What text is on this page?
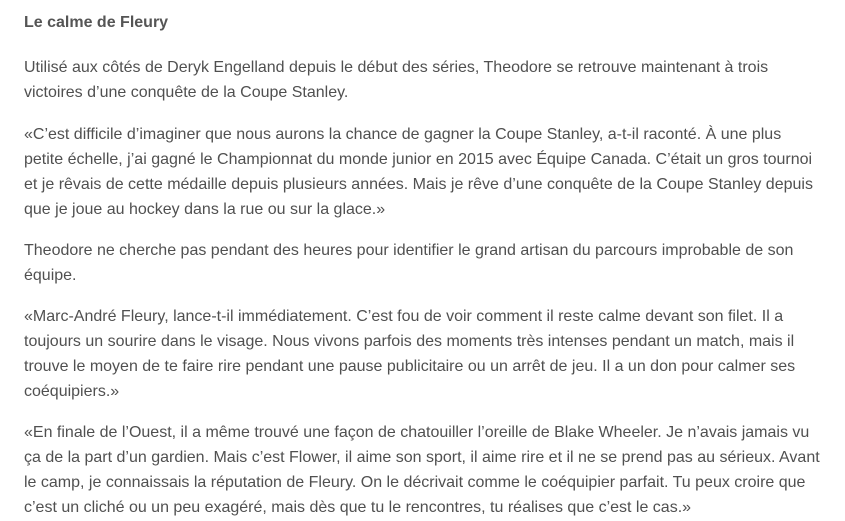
Le calme de Fleury

Utilisé aux côtés de Deryk Engelland depuis le début des séries, Theodore se retrouve maintenant à trois victoires d’une conquête de la Coupe Stanley.

«C’est difficile d’imaginer que nous aurons la chance de gagner la Coupe Stanley, a-t-il raconté. À une plus petite échelle, j’ai gagné le Championnat du monde junior en 2015 avec Équipe Canada. C’était un gros tournoi et je rêvais de cette médaille depuis plusieurs années. Mais je rêve d’une conquête de la Coupe Stanley depuis que je joue au hockey dans la rue ou sur la glace.»

Theodore ne cherche pas pendant des heures pour identifier le grand artisan du parcours improbable de son équipe.

«Marc-André Fleury, lance-t-il immédiatement. C’est fou de voir comment il reste calme devant son filet. Il a toujours un sourire dans le visage. Nous vivons parfois des moments très intenses pendant un match, mais il trouve le moyen de te faire rire pendant une pause publicitaire ou un arrêt de jeu. Il a un don pour calmer ses coéquipiers.»

«En finale de l’Ouest, il a même trouvé une façon de chatouiller l’oreille de Blake Wheeler. Je n’avais jamais vu ça de la part d’un gardien. Mais c’est Flower, il aime son sport, il aime rire et il ne se prend pas au sérieux. Avant le camp, je connaissais la réputation de Fleury. On le décrivait comme le coéquipier parfait. Tu peux croire que c’est un cliché ou un peu exagéré, mais dès que tu le rencontres, tu réalises que c’est le cas.»
